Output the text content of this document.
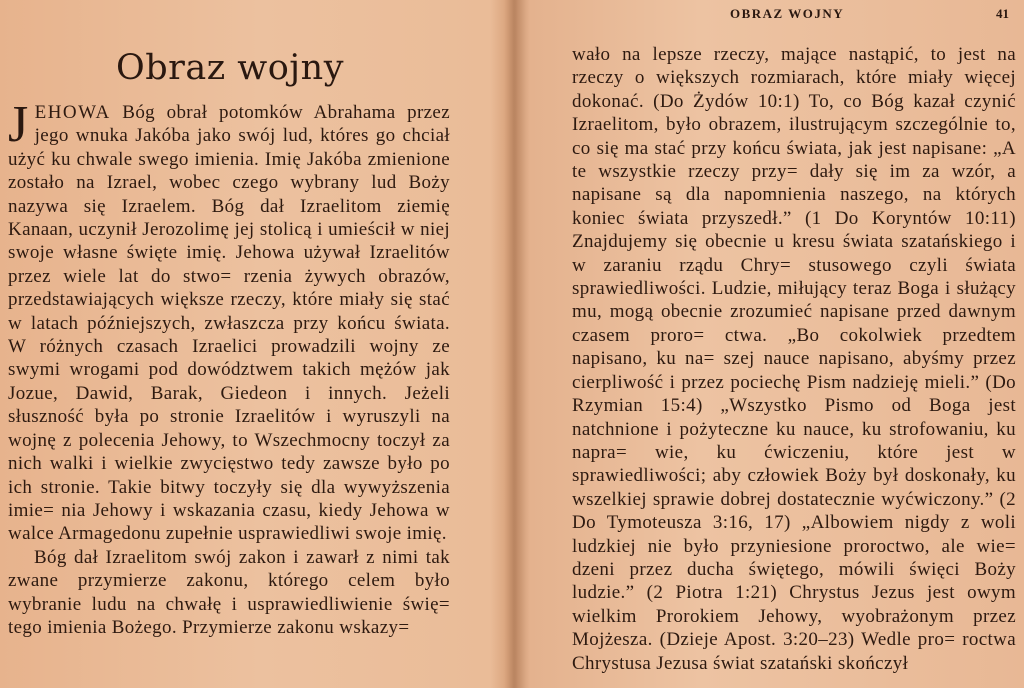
Obraz wojny

JEHOWA Bóg obrał potomków Abrahama przez jego wnuka Jakóba jako swój lud, któres go chciał użyć ku chwale swego imienia. Imię Jakóba zmienione zostało na Izrael, wobec czego wybrany lud Boży nazywa się Izraelem. Bóg dał Izraelitom ziemię Kanaan, uczynił Jerozolimę jej stolicą i umieścił w niej swoje własne święte imię. Jehowa używał Izraelitów przez wiele lat do stwo= rzenia żywych obrazów, przedstawiających większe rzeczy, które miały się stać w latach późniejszych, zwłaszcza przy końcu świata. W różnych czasach Izraelici prowadzili wojny ze swymi wrogami pod dowództwem takich mężów jak Jozue, Dawid, Barak, Giedeon i innych. Jeżeli słuszność była po stronie Izraelitów i wyruszyli na wojnę z polecenia Jehowy, to Wszechmocny toczył za nich walki i wielkie zwycięstwo tedy zawsze było po ich stronie. Takie bitwy toczyły się dla wywyższenia imie= nia Jehowy i wskazania czasu, kiedy Jehowa w walce Armagedonu zupełnie usprawiedliwi swoje imię.

Bóg dał Izraelitom swój zakon i zawarł z nimi tak zwane przymierze zakonu, którego celem było wybranie ludu na chwałę i usprawiedliwienie świę= tego imienia Bożego. Przymierze zakonu wskazy=

OBRAZ WOJNY	41

wało na lepsze rzeczy, mające nastąpić, to jest na rzeczy o większych rozmiarach, które miały więcej dokonać. (Do Żydów 10:1) To, co Bóg kazał czynić Izraelitom, było obrazem, ilustrującym szczególnie to, co się ma stać przy końcu świata, jak jest napisane: „A te wszystkie rzeczy przy= dały się im za wzór, a napisane są dla napomnienia naszego, na których koniec świata przyszedł.” (1 Do Koryntów 10:11) Znajdujemy się obecnie u kresu świata szatańskiego i w zaraniu rządu Chry= stusowego czyli świata sprawiedliwości. Ludzie, miłujący teraz Boga i służący mu, mogą obecnie zrozumieć napisane przed dawnym czasem proro= ctwa. „Bo cokolwiek przedtem napisano, ku na= szej nauce napisano, abyśmy przez cierpliwość i przez pociechę Pism nadzieję mieli.” (Do Rzymian 15:4) „Wszystko Pismo od Boga jest natchnione i pożyteczne ku nauce, ku strofowaniu, ku napra= wie, ku ćwiczeniu, które jest w sprawiedliwości; aby człowiek Boży był doskonały, ku wszelkiej sprawie dobrej dostatecznie wyćwiczony.” (2 Do Tymoteusza 3:16, 17) „Albowiem nigdy z woli ludzkiej nie było przyniesione proroctwo, ale wie= dzeni przez ducha świętego, mówili święci Boży ludzie.” (2 Piotra 1:21) Chrystus Jezus jest owym wielkim Prorokiem Jehowy, wyobrażonym przez Mojżesza. (Dzieje Apost. 3:20–23) Wedle pro= roctwa Chrystusa Jezusa świat szatański skończył
